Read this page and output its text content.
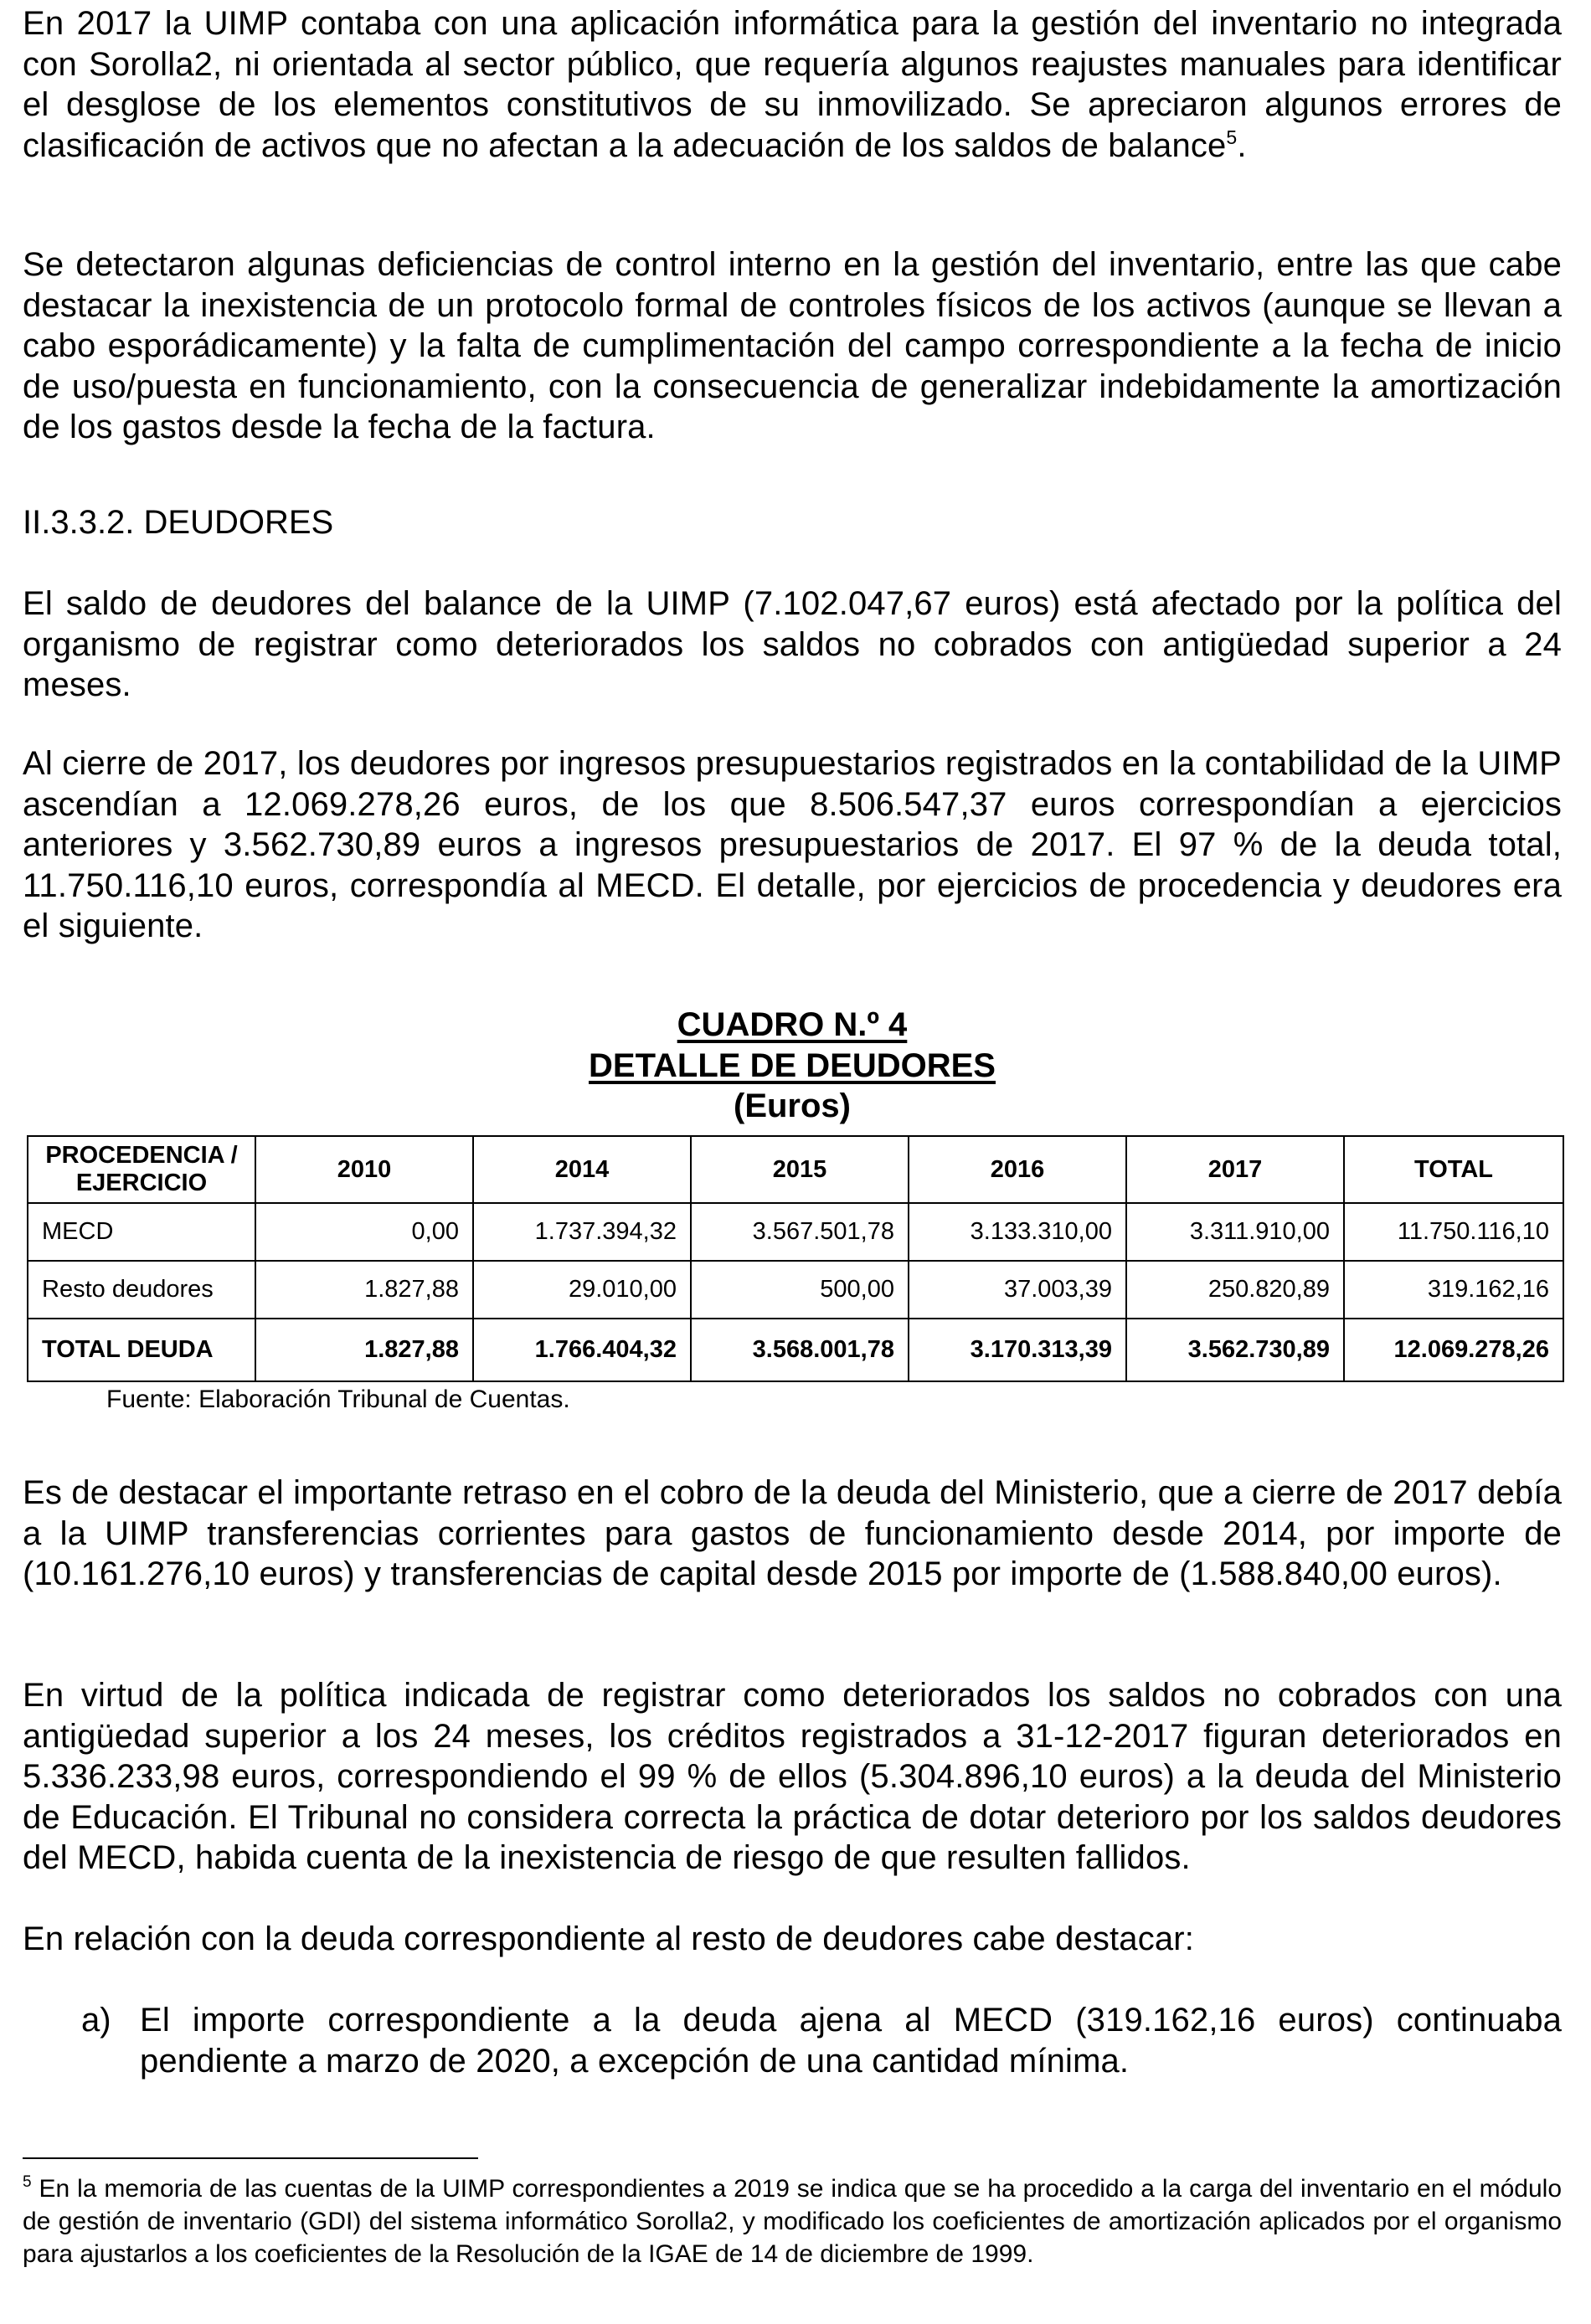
En 2017 la UIMP contaba con una aplicación informática para la gestión del inventario no integrada con Sorolla2, ni orientada al sector público, que requería algunos reajustes manuales para identificar el desglose de los elementos constitutivos de su inmovilizado. Se apreciaron algunos errores de clasificación de activos que no afectan a la adecuación de los saldos de balance$^5$.

Se detectaron algunas deficiencias de control interno en la gestión del inventario, entre las que cabe destacar la inexistencia de un protocolo formal de controles físicos de los activos (aunque se llevan a cabo esporádicamente) y la falta de cumplimentación del campo correspondiente a la fecha de inicio de uso/puesta en funcionamiento, con la consecuencia de generalizar indebidamente la amortización de los gastos desde la fecha de la factura.

II.3.3.2. DEUDORES

El saldo de deudores del balance de la UIMP (7.102.047,67 euros) está afectado por la política del organismo de registrar como deteriorados los saldos no cobrados con antigüedad superior a 24 meses.

Al cierre de 2017, los deudores por ingresos presupuestarios registrados en la contabilidad de la UIMP ascendían a 12.069.278,26 euros, de los que 8.506.547,37 euros correspondían a ejercicios anteriores y 3.562.730,89 euros a ingresos presupuestarios de 2017. El 97 % de la deuda total, 11.750.116,10 euros, correspondía al MECD. El detalle, por ejercicios de procedencia y deudores era el siguiente.

CUADRO N.º 4

DETALLE DE DEUDORES

(Euros)

PROCEDENCIA / EJERCICIO	2010	2014	2015	2016	2017	TOTAL
MECD	0,00	1.737.394,32	3.567.501,78	3.133.310,00	3.311.910,00	11.750.116,10
Resto deudores	1.827,88	29.010,00	500,00	37.003,39	250.820,89	319.162,16
TOTAL DEUDA	1.827,88	1.766.404,32	3.568.001,78	3.170.313,39	3.562.730,89	12.069.278,26

Fuente: Elaboración Tribunal de Cuentas.

Es de destacar el importante retraso en el cobro de la deuda del Ministerio, que a cierre de 2017 debía a la UIMP transferencias corrientes para gastos de funcionamiento desde 2014, por importe de (10.161.276,10 euros) y transferencias de capital desde 2015 por importe de (1.588.840,00 euros).

En virtud de la política indicada de registrar como deteriorados los saldos no cobrados con una antigüedad superior a los 24 meses, los créditos registrados a 31-12-2017 figuran deteriorados en 5.336.233,98 euros, correspondiendo el 99 % de ellos (5.304.896,10 euros) a la deuda del Ministerio de Educación. El Tribunal no considera correcta la práctica de dotar deterioro por los saldos deudores del MECD, habida cuenta de la inexistencia de riesgo de que resulten fallidos.

En relación con la deuda correspondiente al resto de deudores cabe destacar:

a) El importe correspondiente a la deuda ajena al MECD (319.162,16 euros) continuaba pendiente a marzo de 2020, a excepción de una cantidad mínima.

$^5$ En la memoria de las cuentas de la UIMP correspondientes a 2019 se indica que se ha procedido a la carga del inventario en el módulo de gestión de inventario (GDI) del sistema informático Sorolla2, y modificado los coeficientes de amortización aplicados por el organismo para ajustarlos a los coeficientes de la Resolución de la IGAE de 14 de diciembre de 1999.
